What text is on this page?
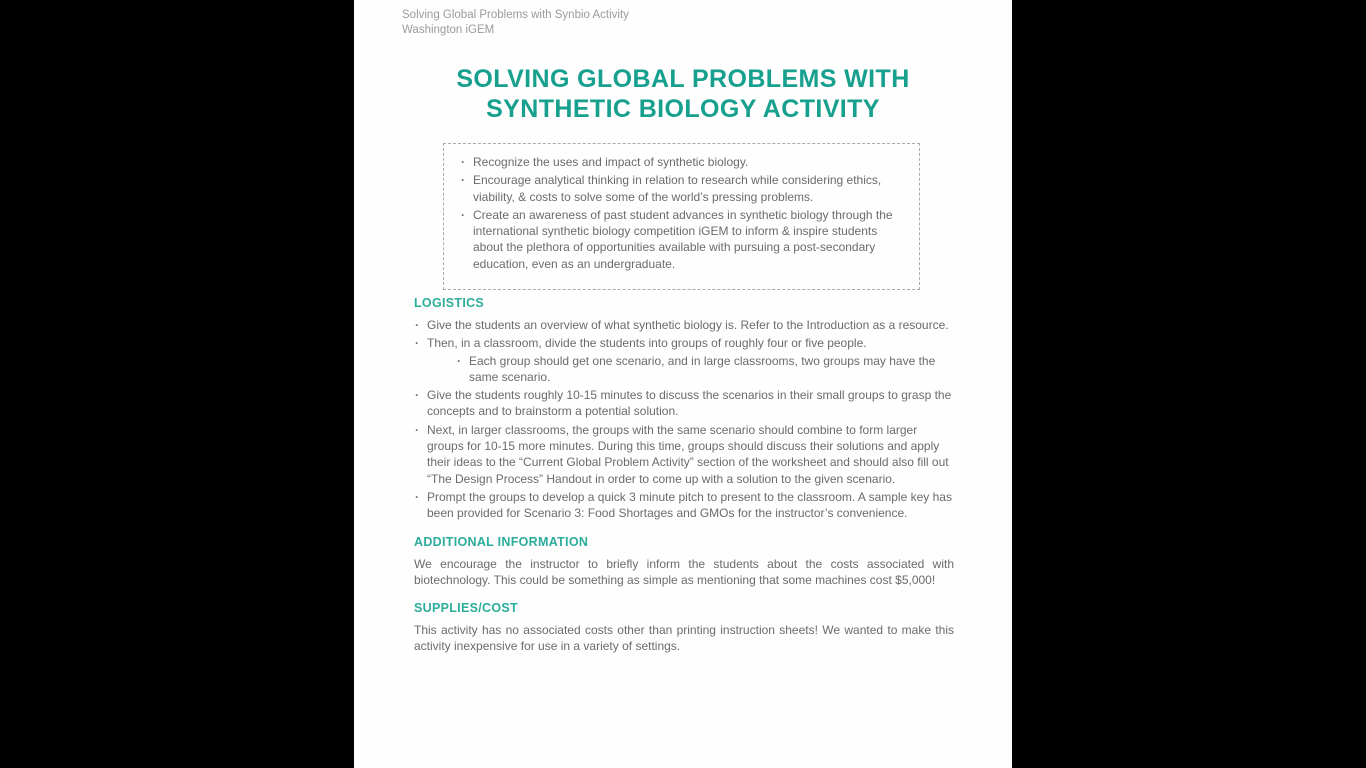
Solving Global Problems with Synbio Activity
Washington iGEM
SOLVING GLOBAL PROBLEMS WITH
SYNTHETIC BIOLOGY ACTIVITY
· Recognize the uses and impact of synthetic biology.
· Encourage analytical thinking in relation to research while considering ethics, viability, & costs to solve some of the world’s pressing problems.
· Create an awareness of past student advances in synthetic biology through the international synthetic biology competition iGEM to inform & inspire students about the plethora of opportunities available with pursuing a post-secondary education, even as an undergraduate.
LOGISTICS
· Give the students an overview of what synthetic biology is. Refer to the Introduction as a resource.
· Then, in a classroom, divide the students into groups of roughly four or five people.
· Each group should get one scenario, and in large classrooms, two groups may have the same scenario.
· Give the students roughly 10-15 minutes to discuss the scenarios in their small groups to grasp the concepts and to brainstorm a potential solution.
· Next, in larger classrooms, the groups with the same scenario should combine to form larger groups for 10-15 more minutes. During this time, groups should discuss their solutions and apply their ideas to the “Current Global Problem Activity” section of the worksheet and should also fill out “The Design Process” Handout in order to come up with a solution to the given scenario.
· Prompt the groups to develop a quick 3 minute pitch to present to the classroom. A sample key has been provided for Scenario 3: Food Shortages and GMOs for the instructor’s convenience.
ADDITIONAL INFORMATION

We encourage the instructor to briefly inform the students about the costs associated with biotechnology. This could be something as simple as mentioning that some machines cost $5,000!

SUPPLIES/COST

This activity has no associated costs other than printing instruction sheets! We wanted to make this activity inexpensive for use in a variety of settings.
